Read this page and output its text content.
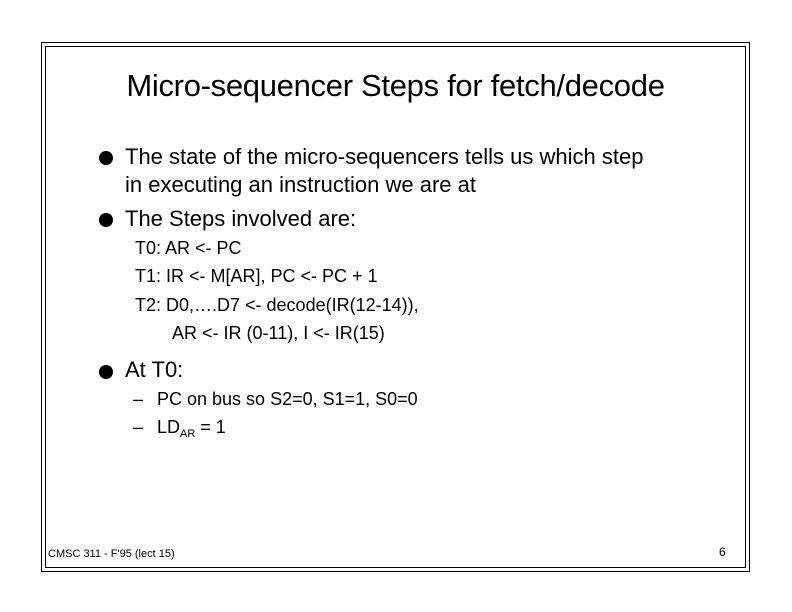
Micro-sequencer Steps for fetch/decode
The state of the micro-sequencers tells us which step
in executing an instruction we are at
The Steps involved are:
T0: AR <- PC
T1: IR <- M[AR], PC <- PC + 1
T2: D0,….D7 <- decode(IR(12-14)),
AR <- IR (0-11), I <- IR(15)
At T0:
– PC on bus so S2=0, S1=1, S0=0
– $LD_{AR} = 1$
CMSC 311 - F'95 (lect 15)	6
